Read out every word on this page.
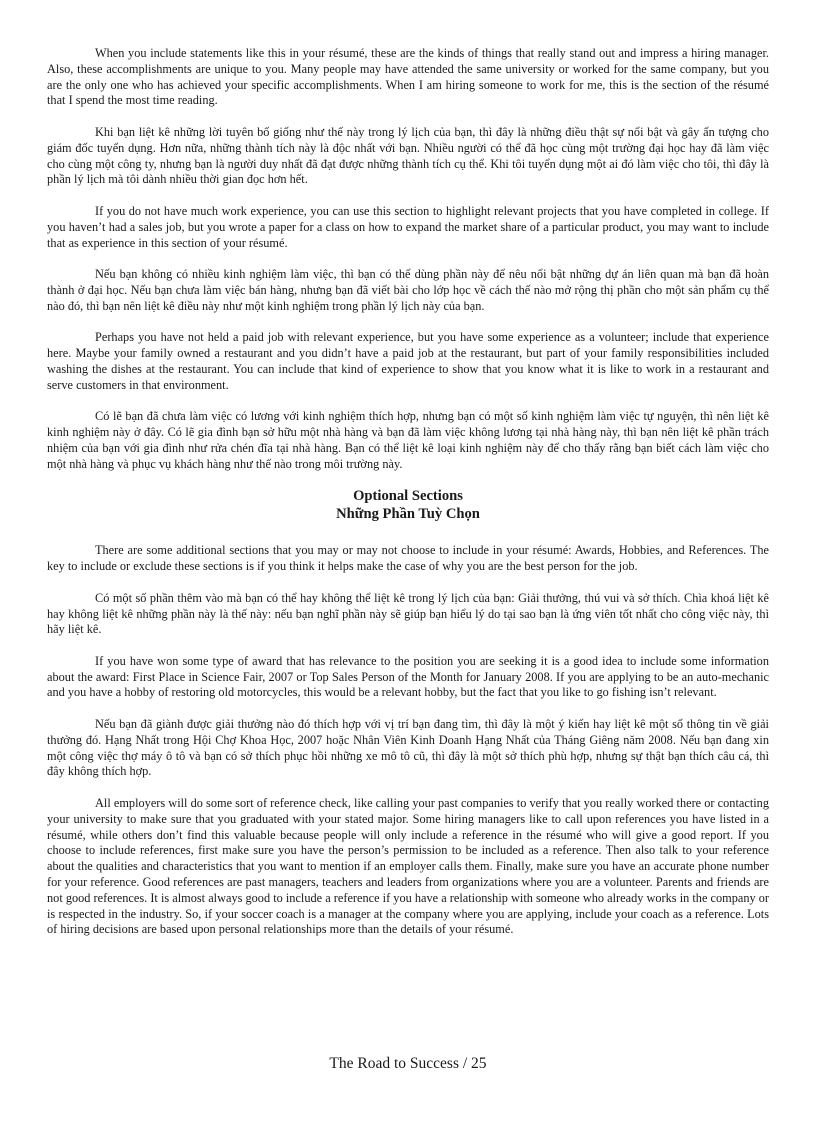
When you include statements like this in your résumé, these are the kinds of things that really stand out and impress a hiring manager. Also, these accomplishments are unique to you. Many people may have attended the same university or worked for the same company, but you are the only one who has achieved your specific accomplishments. When I am hiring someone to work for me, this is the section of the résumé that I spend the most time reading.

Khi bạn liệt kê những lời tuyên bố giống như thế này trong lý lịch của bạn, thì đây là những điều thật sự nổi bật và gây ấn tượng cho giám đốc tuyển dụng. Hơn nữa, những thành tích này là độc nhất với bạn. Nhiều người có thể đã học cùng một trường đại học hay đã làm việc cho cùng một công ty, nhưng bạn là người duy nhất đã đạt được những thành tích cụ thể. Khi tôi tuyển dụng một ai đó làm việc cho tôi, thì đây là phần lý lịch mà tôi dành nhiều thời gian đọc hơn hết.

If you do not have much work experience, you can use this section to highlight relevant projects that you have completed in college. If you haven’t had a sales job, but you wrote a paper for a class on how to expand the market share of a particular product, you may want to include that as experience in this section of your résumé.

Nếu bạn không có nhiều kinh nghiệm làm việc, thì bạn có thể dùng phần này để nêu nổi bật những dự án liên quan mà bạn đã hoàn thành ở đại học. Nếu bạn chưa làm việc bán hàng, nhưng bạn đã viết bài cho lớp học về cách thế nào mở rộng thị phần cho một sản phẩm cụ thể nào đó, thì bạn nên liệt kê điều này như một kinh nghiệm trong phần lý lịch này của bạn.

Perhaps you have not held a paid job with relevant experience, but you have some experience as a volunteer; include that experience here. Maybe your family owned a restaurant and you didn’t have a paid job at the restaurant, but part of your family responsibilities included washing the dishes at the restaurant. You can include that kind of experience to show that you know what it is like to work in a restaurant and serve customers in that environment.

Có lẽ bạn đã chưa làm việc có lương với kinh nghiệm thích hợp, nhưng bạn có một số kinh nghiệm làm việc tự nguyện, thì nên liệt kê kinh nghiệm này ở đây. Có lẽ gia đình bạn sở hữu một nhà hàng và bạn đã làm việc không lương tại nhà hàng này, thì bạn nên liệt kê phần trách nhiệm của bạn với gia đình như rửa chén đĩa tại nhà hàng. Bạn có thể liệt kê loại kinh nghiệm này để cho thấy rằng bạn biết cách làm việc cho một nhà hàng và phục vụ khách hàng như thế nào trong môi trường này.

Optional Sections
Những Phần Tuỳ Chọn

There are some additional sections that you may or may not choose to include in your résumé: Awards, Hobbies, and References. The key to include or exclude these sections is if you think it helps make the case of why you are the best person for the job.

Có một số phần thêm vào mà bạn có thể hay không thể liệt kê trong lý lịch của bạn: Giải thưởng, thú vui và sở thích. Chìa khoá liệt kê hay không liệt kê những phần này là thế này: nếu bạn nghĩ phần này sẽ giúp bạn hiểu lý do tại sao bạn là ứng viên tốt nhất cho công việc này, thì hãy liệt kê.

If you have won some type of award that has relevance to the position you are seeking it is a good idea to include some information about the award: First Place in Science Fair, 2007 or Top Sales Person of the Month for January 2008. If you are applying to be an auto-mechanic and you have a hobby of restoring old motorcycles, this would be a relevant hobby, but the fact that you like to go fishing isn’t relevant.

Nếu bạn đã giành được giải thưởng nào đó thích hợp với vị trí bạn đang tìm, thì đây là một ý kiến hay liệt kê một số thông tin về giải thưởng đó. Hạng Nhất trong Hội Chợ Khoa Học, 2007 hoặc Nhân Viên Kinh Doanh Hạng Nhất của Tháng Giêng năm 2008. Nếu bạn đang xin một công việc thợ máy ô tô và bạn có sở thích phục hồi những xe mô tô cũ, thì đây là một sở thích phù hợp, nhưng sự thật bạn thích câu cá, thì đây không thích hợp.

All employers will do some sort of reference check, like calling your past companies to verify that you really worked there or contacting your university to make sure that you graduated with your stated major. Some hiring managers like to call upon references you have listed in a résumé, while others don’t find this valuable because people will only include a reference in the résumé who will give a good report. If you choose to include references, first make sure you have the person’s permission to be included as a reference. Then also talk to your reference about the qualities and characteristics that you want to mention if an employer calls them. Finally, make sure you have an accurate phone number for your reference. Good references are past managers, teachers and leaders from organizations where you are a volunteer. Parents and friends are not good references. It is almost always good to include a reference if you have a relationship with someone who already works in the company or is respected in the industry. So, if your soccer coach is a manager at the company where you are applying, include your coach as a reference. Lots of hiring decisions are based upon personal relationships more than the details of your résumé.

The Road to Success / 25
